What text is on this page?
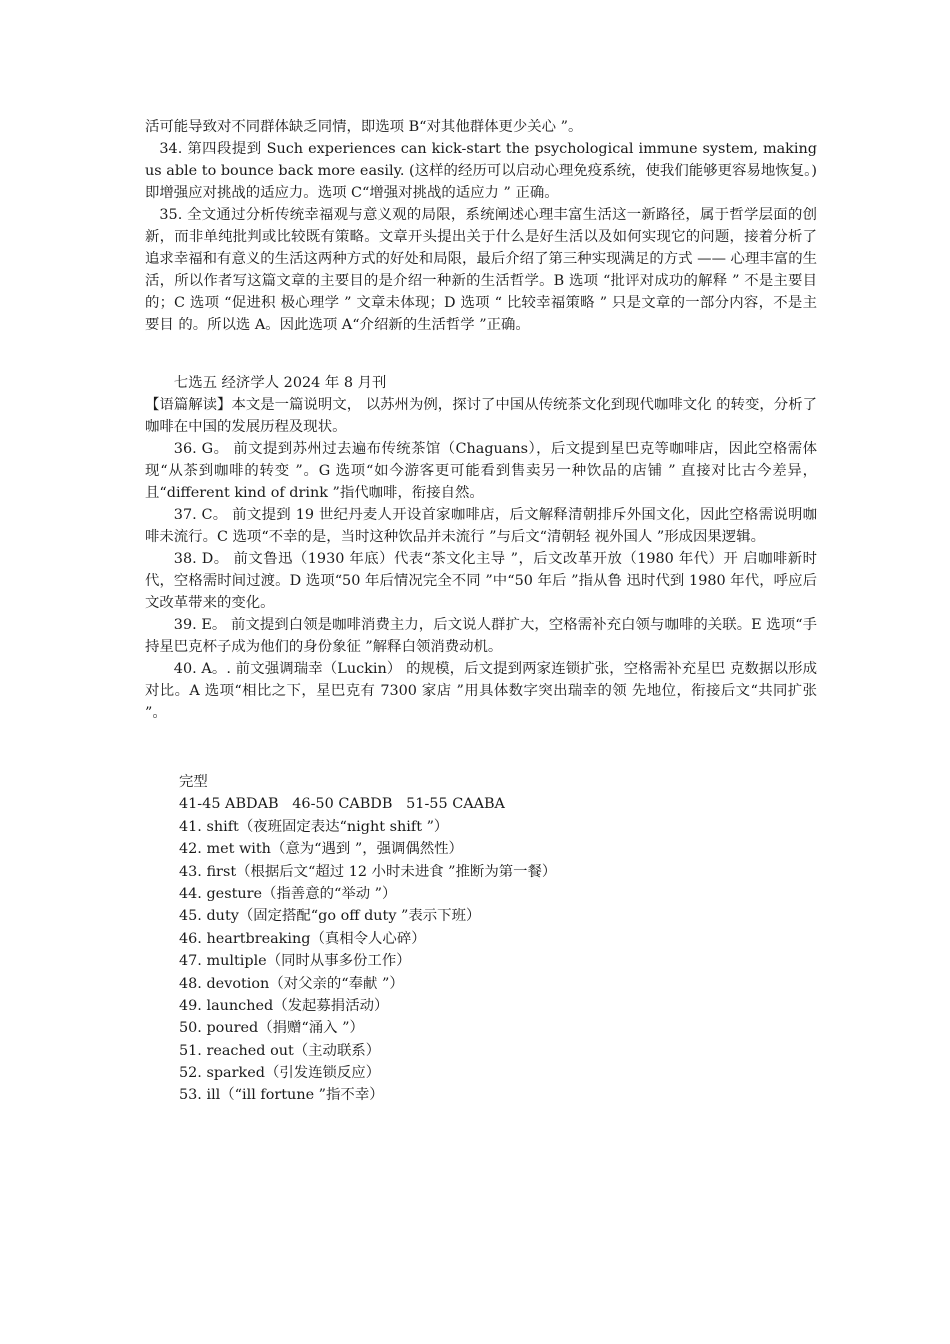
活可能导致对不同群体缺乏同情，即选项 B“对其他群体更少关心 ”。

34. 第四段提到 Such experiences can kick-start the psychological immune system, making us able to bounce back more easily. (这样的经历可以启动心理免疫系统，使我们能够更容易地恢复。)即增强应对挑战的适应力。选项 C“增强对挑战的适应力 ” 正确。

35. 全文通过分析传统幸福观与意义观的局限，系统阐述心理丰富生活这一新路径，属于哲学层面的创新，而非单纯批判或比较既有策略。文章开头提出关于什么是好生活以及如何实现它的问题，接着分析了追求幸福和有意义的生活这两种方式的好处和局限，最后介绍了第三种实现满足的方式 —— 心理丰富的生活，所以作者写这篇文章的主要目的是介绍一种新的生活哲学。B 选项 “批评对成功的解释 ” 不是主要目的；C 选项 “促进积 极心理学 ” 文章未体现；D 选项 “ 比较幸福策略 ” 只是文章的一部分内容，不是主要目 的。所以选 A。因此选项 A“介绍新的生活哲学 ”正确。

七选五 经济学人 2024 年 8 月刊

【语篇解读】本文是一篇说明文， 以苏州为例，探讨了中国从传统茶文化到现代咖啡文化 的转变，分析了咖啡在中国的发展历程及现状。

36. G。 前文提到苏州过去遍布传统茶馆（Chaguans），后文提到星巴克等咖啡店，因此空格需体现“从茶到咖啡的转变 ”。G 选项“如今游客更可能看到售卖另一种饮品的店铺 ” 直接对比古今差异，且“different kind of drink ”指代咖啡，衔接自然。

37. C。 前文提到 19 世纪丹麦人开设首家咖啡店，后文解释清朝排斥外国文化，因此空格需说明咖啡未流行。C 选项“不幸的是，当时这种饮品并未流行 ”与后文“清朝轻 视外国人 ”形成因果逻辑。

38. D。 前文鲁迅（1930 年底）代表“茶文化主导 ”，后文改革开放（1980 年代）开 启咖啡新时代，空格需时间过渡。D 选项“50 年后情况完全不同 ”中“50 年后 ”指从鲁 迅时代到 1980 年代，呼应后文改革带来的变化。

39. E。 前文提到白领是咖啡消费主力，后文说人群扩大，空格需补充白领与咖啡的关联。E 选项“手持星巴克杯子成为他们的身份象征 ”解释白领消费动机。

40. A。. 前文强调瑞幸（Luckin） 的规模，后文提到两家连锁扩张，空格需补充星巴 克数据以形成对比。A 选项“相比之下，星巴克有 7300 家店 ”用具体数字突出瑞幸的领 先地位，衔接后文“共同扩张 ”。

完型

41-45 ABDAB   46-50 CABDB   51-55 CAABA

41. shift（夜班固定表达“night shift ”）

42. met with（意为“遇到 ”，强调偶然性）

43. first（根据后文“超过 12 小时未进食 ”推断为第一餐）

44. gesture（指善意的“举动 ”）

45. duty（固定搭配“go off duty ”表示下班）

46. heartbreaking（真相令人心碎）

47. multiple（同时从事多份工作）

48. devotion（对父亲的“奉献 ”）

49. launched（发起募捐活动）

50. poured（捐赠“涌入 ”）

51. reached out（主动联系）

52. sparked（引发连锁反应）

53. ill（“ill fortune ”指不幸）
